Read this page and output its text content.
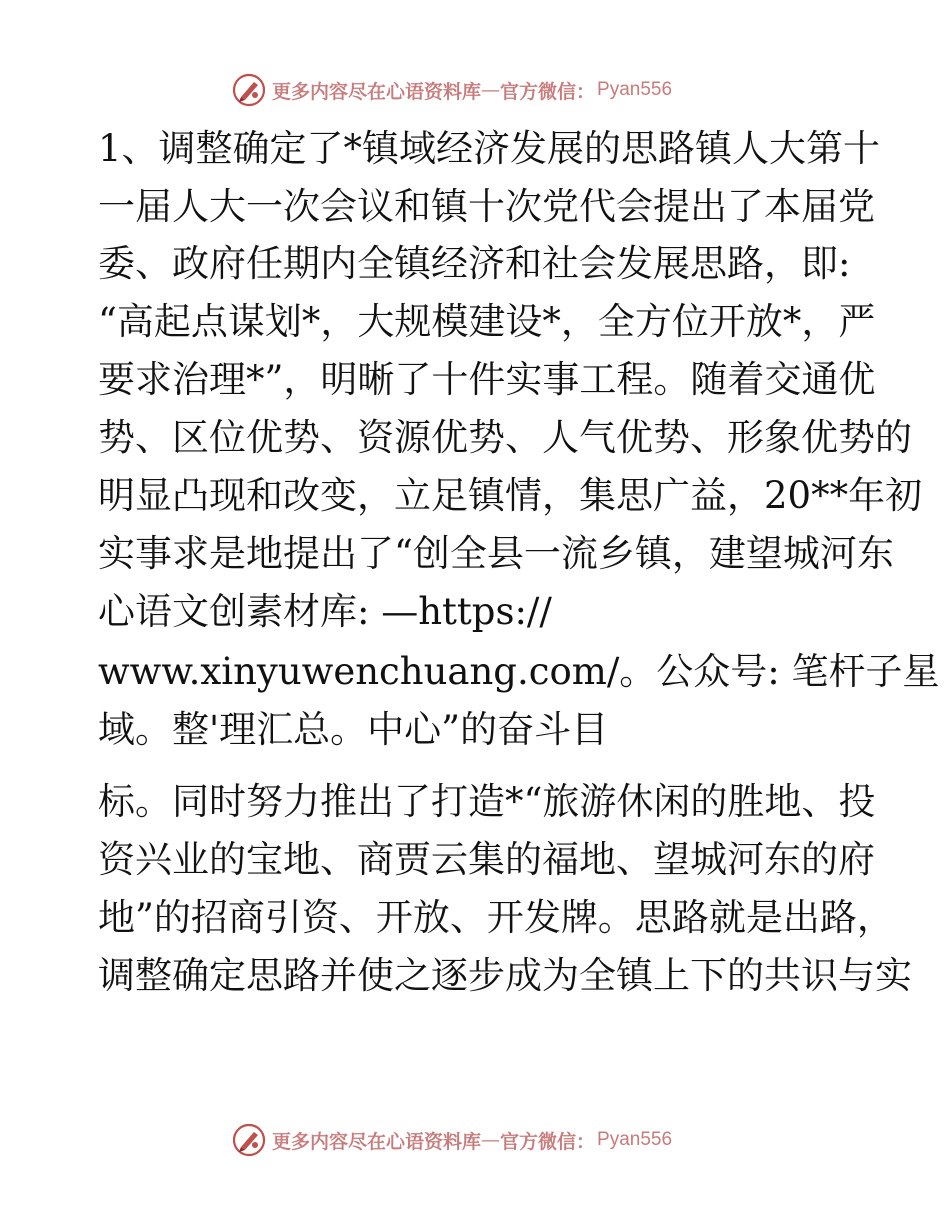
更多内容尽在心语资料库 — 官方微信： Pyan556
1、调整确定了*镇域经济发展的思路镇人大第十
一届人大一次会议和镇十次党代会提出了本届党
委、政府任期内全镇经济和社会发展思路，即:
“高起点谋划*，大规模建设*，全方位开放*，严
要求治理*”，明晰了十件实事工程。随着交通优
势、区位优势、资源优势、人气优势、形象优势的
明显凸现和改变，立足镇情，集思广益，20**年初
实事求是地提出了“创全县一流乡镇，建望城河东
心语文创素材库: —https://
www.xinyuwenchuang.com/。公众号: 笔杆子星
域。整'理汇总。中心”的奋斗目
标。同时努力推出了打造*“旅游休闲的胜地、投
资兴业的宝地、商贾云集的福地、望城河东的府
地”的招商引资、开放、开发牌。思路就是出路，
调整确定思路并使之逐步成为全镇上下的共识与实
更多内容尽在心语资料库 — 官方微信： Pyan556
